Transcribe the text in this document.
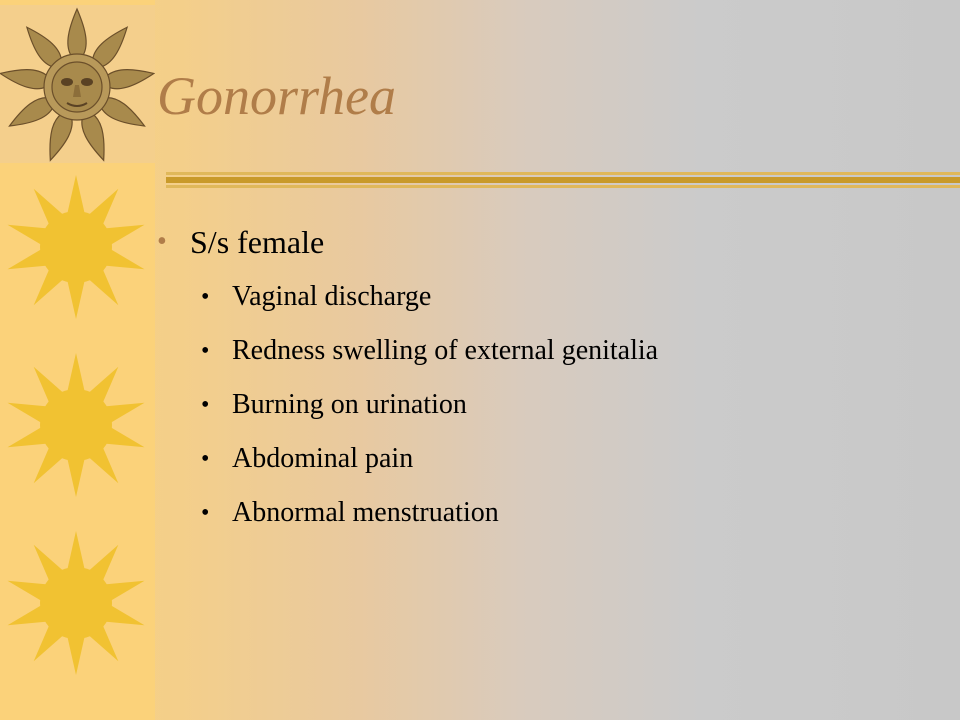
Gonorrhea
• S/s female
• Vaginal discharge
• Redness swelling of external genitalia
• Burning on urination
• Abdominal pain
• Abnormal menstruation
